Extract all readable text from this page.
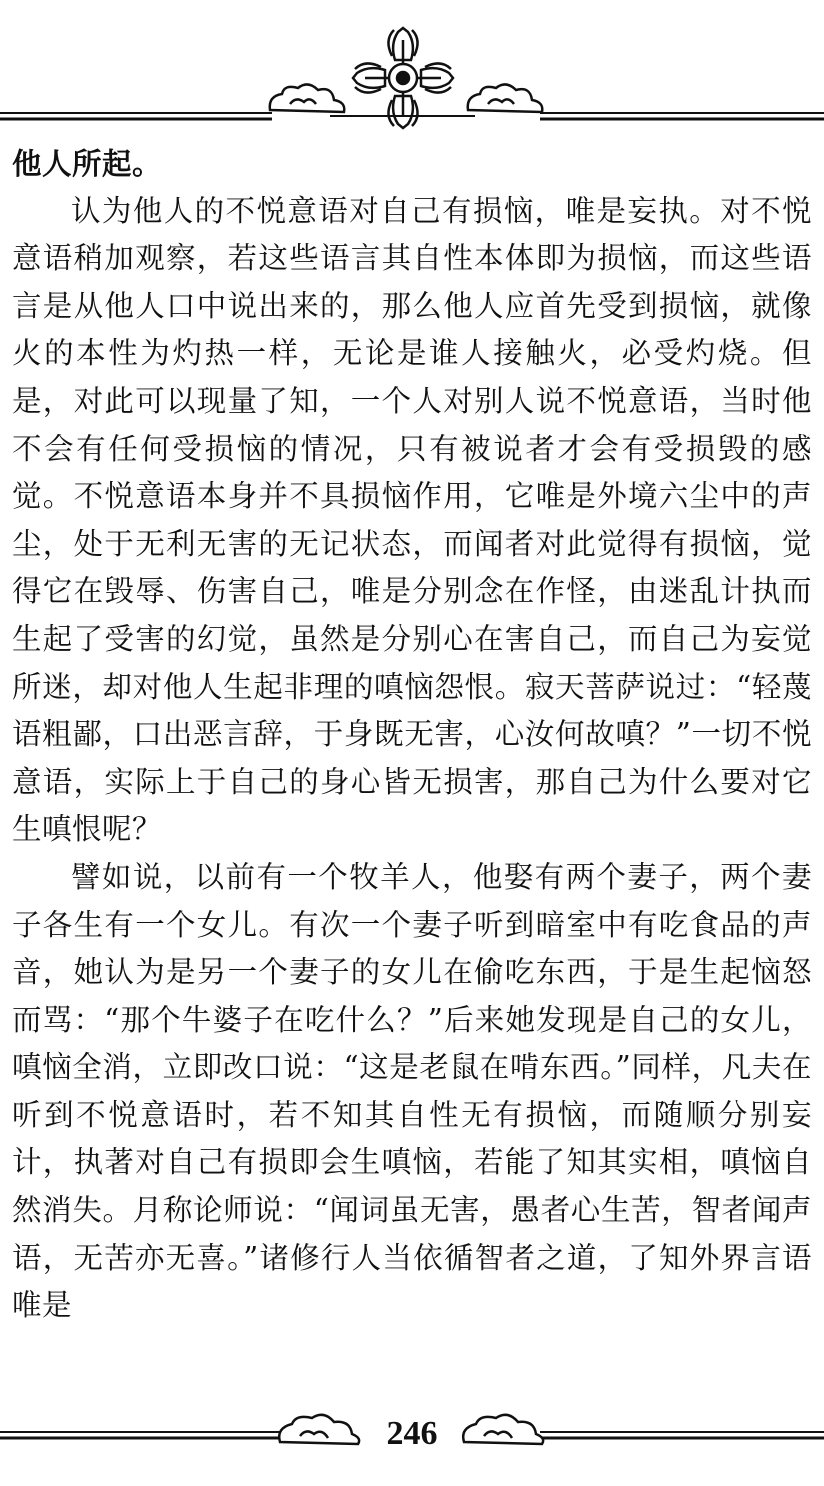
他人所起。

认为他人的不悦意语对自己有损恼，唯是妄执。对不悦意语稍加观察，若这些语言其自性本体即为损恼，而这些语言是从他人口中说出来的，那么他人应首先受到损恼，就像火的本性为灼热一样，无论是谁人接触火，必受灼烧。但是，对此可以现量了知，一个人对别人说不悦意语，当时他不会有任何受损恼的情况，只有被说者才会有受损毁的感觉。不悦意语本身并不具损恼作用，它唯是外境六尘中的声尘，处于无利无害的无记状态，而闻者对此觉得有损恼，觉得它在毁辱、伤害自己，唯是分别念在作怪，由迷乱计执而生起了受害的幻觉，虽然是分别心在害自己，而自己为妄觉所迷，却对他人生起非理的嗔恼怨恨。寂天菩萨说过：“轻蔑语粗鄙，口出恶言辞，于身既无害，心汝何故嗔？”一切不悦意语，实际上于自己的身心皆无损害，那自己为什么要对它生嗔恨呢？

譬如说，以前有一个牧羊人，他娶有两个妻子，两个妻子各生有一个女儿。有次一个妻子听到暗室中有吃食品的声音，她认为是另一个妻子的女儿在偷吃东西，于是生起恼怒而骂：“那个牛婆子在吃什么？”后来她发现是自己的女儿，嗔恼全消，立即改口说：“这是老鼠在啃东西。”同样，凡夫在听到不悦意语时，若不知其自性无有损恼，而随顺分别妄计，执著对自己有损即会生嗔恼，若能了知其实相，嗔恼自然消失。月称论师说：“闻词虽无害，愚者心生苦，智者闻声语，无苦亦无喜。”诸修行人当依循智者之道，了知外界言语唯是

246
